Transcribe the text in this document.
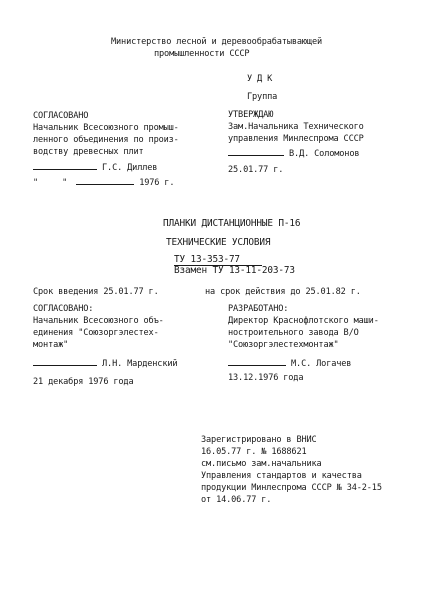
Министерство лесной и деревообрабатывающей
промышленности СССР
У Д К
Группа
СОГЛАСОВАНО
Начальник Всесоюзного промыш-
ленного объединения по произ-
водству древесных плит
Г.С. Диллев
"	"	1976 г.
УТВЕРЖДАЮ
Зам.Начальника Технического
управления Минлеспрома СССР
В.Д. Соломонов
25.01.77 г.
ПЛАНКИ ДИСТАНЦИОННЫЕ П-16
ТЕХНИЧЕСКИЕ УСЛОВИЯ
ТУ 13-353-77
Взамен ТУ 13-11-203-73
Срок введения 25.01.77 г.	на срок действия до 25.01.82 г.
СОГЛАСОВАНО:
Начальник Всесоюзного объ-
единения "Союзоргэлестех-
монтаж"
Л.Н. Марденский
21 декабря 1976 года
РАЗРАБОТАНО:
Директор Краснофлотского маши-
ностроительного завода В/О
"Союзоргэлестехмонтаж"
М.С. Логачев
13.12.1976 года
Зарегистрировано в ВНИС
16.05.77 г. № 1688621
см.письмо зам.начальника
Управления стандартов и качества
продукции Минлеспрома СССР № 34-2-15
от 14.06.77 г.
